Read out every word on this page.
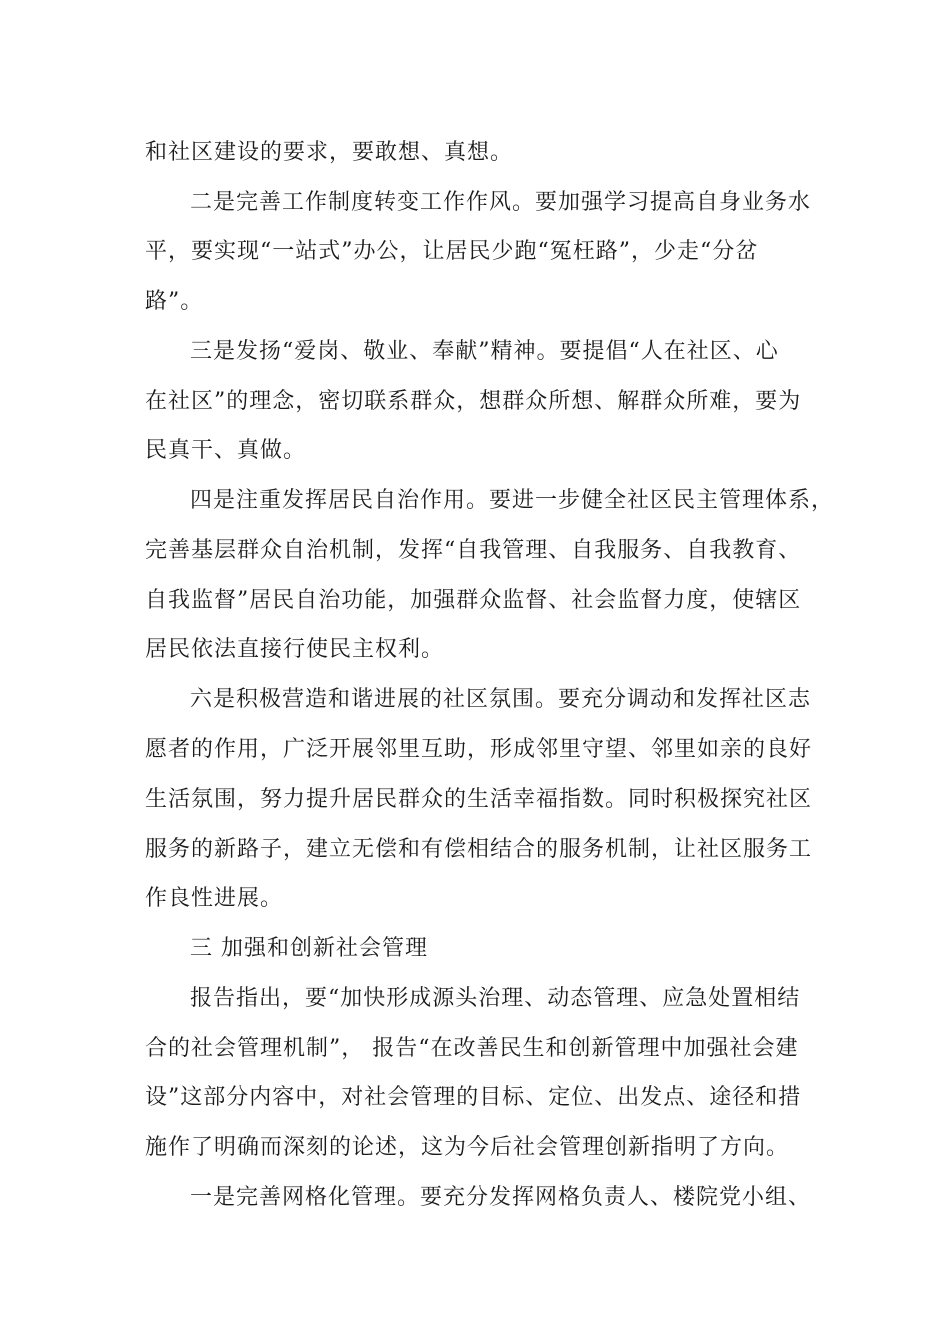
和社区建设的要求，要敢想、真想。
二是完善工作制度转变工作作风。要加强学习提高自身业务水
平，要实现“一站式”办公，让居民少跑“冤枉路”，少走“分岔
路”。
三是发扬“爱岗、敬业、奉献”精神。要提倡“人在社区、心
在社区”的理念，密切联系群众，想群众所想、解群众所难，要为
民真干、真做。
四是注重发挥居民自治作用。要进一步健全社区民主管理体系，
完善基层群众自治机制，发挥“自我管理、自我服务、自我教育、
自我监督”居民自治功能，加强群众监督、社会监督力度，使辖区
居民依法直接行使民主权利。
六是积极营造和谐进展的社区氛围。要充分调动和发挥社区志
愿者的作用，广泛开展邻里互助，形成邻里守望、邻里如亲的良好
生活氛围，努力提升居民群众的生活幸福指数。同时积极探究社区
服务的新路子，建立无偿和有偿相结合的服务机制，让社区服务工
作良性进展。
三 加强和创新社会管理
报告指出，要“加快形成源头治理、动态管理、应急处置相结
合的社会管理机制”， 报告“在改善民生和创新管理中加强社会建
设”这部分内容中，对社会管理的目标、定位、出发点、途径和措
施作了明确而深刻的论述，这为今后社会管理创新指明了方向。
一是完善网格化管理。要充分发挥网格负责人、楼院党小组、
